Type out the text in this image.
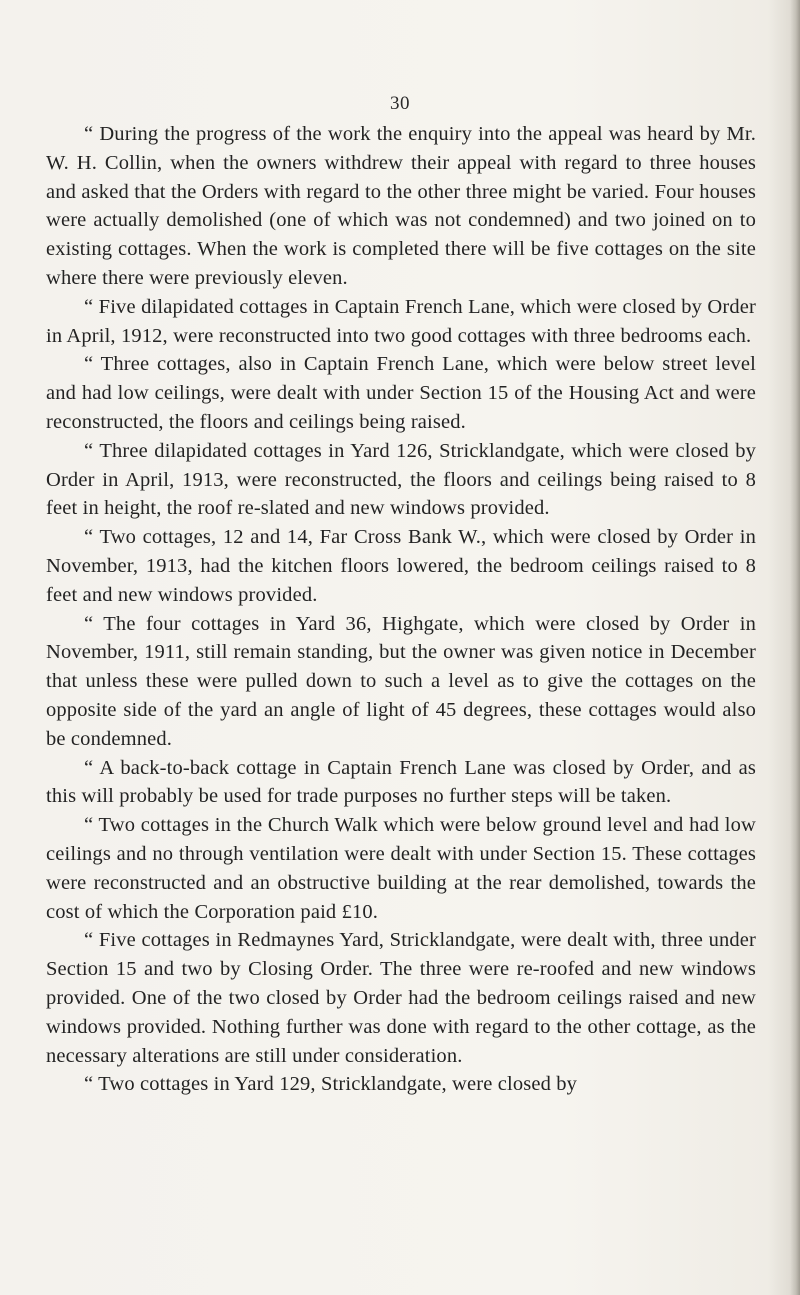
30

“ During the progress of the work the enquiry into the appeal was heard by Mr. W. H. Collin, when the owners withdrew their appeal with regard to three houses and asked that the Orders with regard to the other three might be varied. Four houses were actually demolished (one of which was not condemned) and two joined on to existing cottages. When the work is completed there will be five cottages on the site where there were previously eleven.

“ Five dilapidated cottages in Captain French Lane, which were closed by Order in April, 1912, were reconstructed into two good cottages with three bedrooms each.

“ Three cottages, also in Captain French Lane, which were below street level and had low ceilings, were dealt with under Section 15 of the Housing Act and were reconstructed, the floors and ceilings being raised.

“ Three dilapidated cottages in Yard 126, Stricklandgate, which were closed by Order in April, 1913, were reconstructed, the floors and ceilings being raised to 8 feet in height, the roof re-slated and new windows provided.

“ Two cottages, 12 and 14, Far Cross Bank W., which were closed by Order in November, 1913, had the kitchen floors lowered, the bedroom ceilings raised to 8 feet and new windows provided.

“ The four cottages in Yard 36, Highgate, which were closed by Order in November, 1911, still remain standing, but the owner was given notice in December that unless these were pulled down to such a level as to give the cottages on the opposite side of the yard an angle of light of 45 degrees, these cottages would also be condemned.

“ A back-to-back cottage in Captain French Lane was closed by Order, and as this will probably be used for trade purposes no further steps will be taken.

“ Two cottages in the Church Walk which were below ground level and had low ceilings and no through ventilation were dealt with under Section 15. These cottages were reconstructed and an obstructive building at the rear demolished, towards the cost of which the Corporation paid £10.

“ Five cottages in Redmaynes Yard, Stricklandgate, were dealt with, three under Section 15 and two by Closing Order. The three were re-roofed and new windows provided. One of the two closed by Order had the bedroom ceilings raised and new windows provided. Nothing further was done with regard to the other cottage, as the necessary alterations are still under consideration.

“ Two cottages in Yard 129, Stricklandgate, were closed by
